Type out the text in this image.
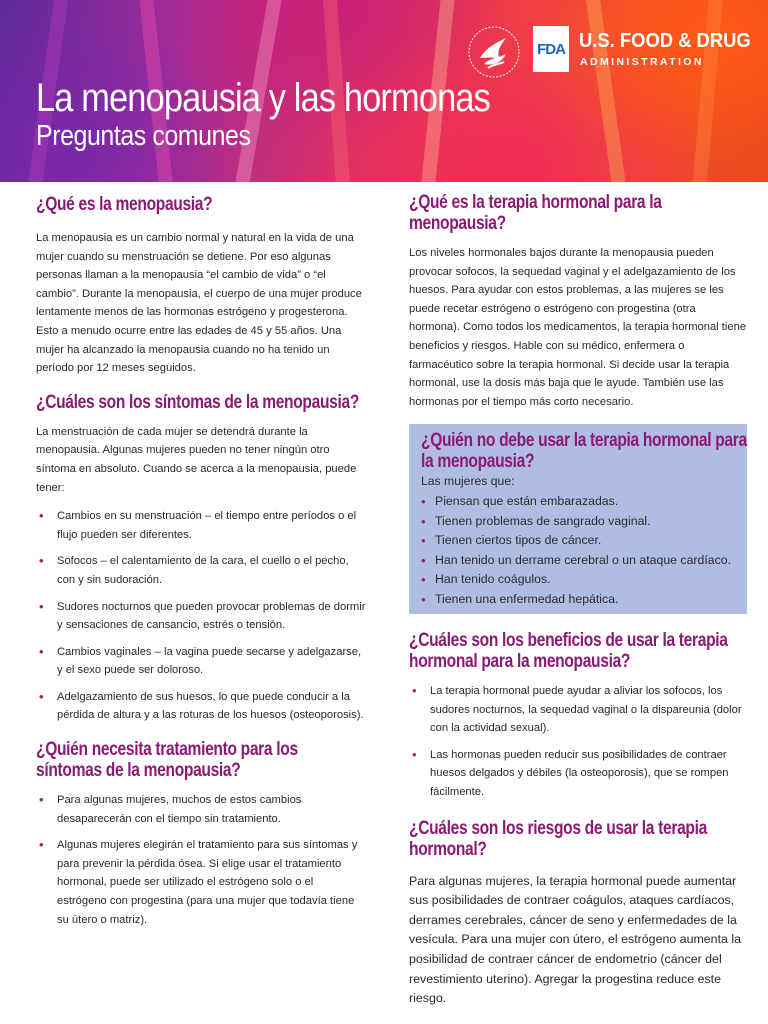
La menopausia y las hormonas
Preguntas comunes
FDA U.S. FOOD & DRUG
ADMINISTRATION
¿Qué es la menopausia?

La menopausia es un cambio normal y natural en la vida de una mujer cuando su menstruación se detiene. Por eso algunas personas llaman a la menopausia “el cambio de vida” o “el cambio”. Durante la menopausia, el cuerpo de una mujer produce lentamente menos de las hormonas estrógeno y progesterona. Esto a menudo ocurre entre las edades de 45 y 55 años. Una mujer ha alcanzado la menopausia cuando no ha tenido un período por 12 meses seguidos.

¿Cuáles son los síntomas de la menopausia?

La menstruación de cada mujer se detendrá durante la menopausia. Algunas mujeres pueden no tener ningún otro síntoma en absoluto. Cuando se acerca a la menopausia, puede tener:

• Cambios en su menstruación – el tiempo entre períodos o el flujo pueden ser diferentes.
• Sofocos – el calentamiento de la cara, el cuello o el pecho, con y sin sudoración.
• Sudores nocturnos que pueden provocar problemas de dormir y sensaciones de cansancio, estrés o tensión.
• Cambios vaginales – la vagina puede secarse y adelgazarse, y el sexo puede ser doloroso.
• Adelgazamiento de sus huesos, lo que puede conducir a la pérdida de altura y a las roturas de los huesos (osteoporosis).
¿Quién necesita tratamiento para los síntomas de la menopausia?
• Para algunas mujeres, muchos de estos cambios desaparecerán con el tiempo sin tratamiento.
• Algunas mujeres elegirán el tratamiento para sus síntomas y para prevenir la pérdida ósea. Si elige usar el tratamiento hormonal, puede ser utilizado el estrógeno solo o el estrógeno con progestina (para una mujer que todavía tiene su útero o matriz).
¿Qué es la terapia hormonal para la menopausia?

Los niveles hormonales bajos durante la menopausia pueden provocar sofocos, la sequedad vaginal y el adelgazamiento de los huesos. Para ayudar con estos problemas, a las mujeres se les puede recetar estrógeno o estrógeno con progestina (otra hormona). Como todos los medicamentos, la terapia hormonal tiene beneficios y riesgos. Hable con su médico, enfermera o farmacéutico sobre la terapia hormonal. Si decide usar la terapia hormonal, use la dosis más baja que le ayude. También use las hormonas por el tiempo más corto necesario.

¿Quién no debe usar la terapia hormonal para la menopausia?

Las mujeres que:

• Piensan que están embarazadas.
• Tienen problemas de sangrado vaginal.
• Tienen ciertos tipos de cáncer.
• Han tenido un derrame cerebral o un ataque cardíaco.
• Han tenido coágulos.
• Tienen una enfermedad hepática.
¿Cuáles son los beneficios de usar la terapia hormonal para la menopausia?
• La terapia hormonal puede ayudar a aliviar los sofocos, los sudores nocturnos, la sequedad vaginal o la dispareunia (dolor con la actividad sexual).
• Las hormonas pueden reducir sus posibilidades de contraer huesos delgados y débiles (la osteoporosis), que se rompen fácilmente.
¿Cuáles son los riesgos de usar la terapia hormonal?

Para algunas mujeres, la terapia hormonal puede aumentar sus posibilidades de contraer coágulos, ataques cardíacos, derrames cerebrales, cáncer de seno y enfermedades de la vesícula. Para una mujer con útero, el estrógeno aumenta la posibilidad de contraer cáncer de endometrio (cáncer del revestimiento uterino). Agregar la progestina reduce este riesgo.
